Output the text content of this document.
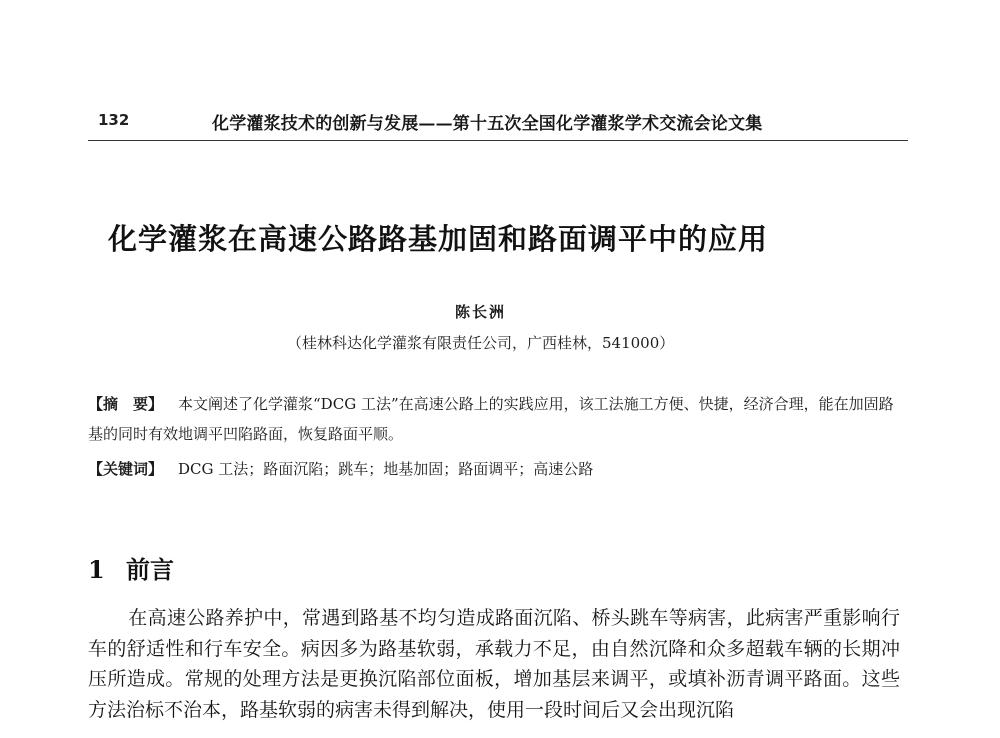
132	化学灌浆技术的创新与发展——第十五次全国化学灌浆学术交流会论文集
化学灌浆在高速公路路基加固和路面调平中的应用
陈长洲
（桂林科达化学灌浆有限责任公司，广西桂林，541000）
【摘　要】 本文阐述了化学灌浆“DCG 工法”在高速公路上的实践应用，该工法施工方便、快捷，经济合理，能在加固路基的同时有效地调平凹陷路面，恢复路面平顺。
【关键词】 DCG 工法；路面沉陷；跳车；地基加固；路面调平；高速公路
1 前言
在高速公路养护中，常遇到路基不均匀造成路面沉陷、桥头跳车等病害，此病害严重影响行车的舒适性和行车安全。病因多为路基软弱，承载力不足，由自然沉降和众多超载车辆的长期冲压所造成。常规的处理方法是更换沉陷部位面板，增加基层来调平，或填补沥青调平路面。这些方法治标不治本，路基软弱的病害未得到解决，使用一段时间后又会出现沉陷
